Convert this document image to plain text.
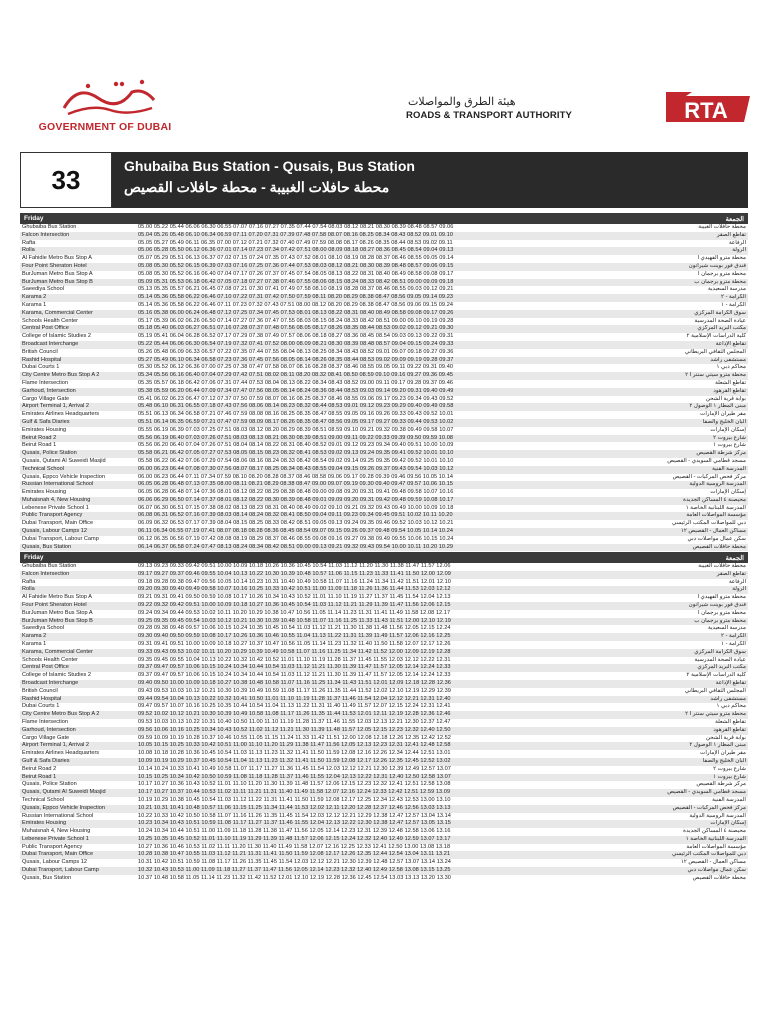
GOVERNMENT OF DUBAI
هيئة الطرق والمواصلات
ROADS & TRANSPORT AUTHORITY	RTA
33	Ghubaiba Bus Station - Qusais, Bus Station
محطة حافلات الغبيبة - محطة حافلات القصيص
Friday	الجمعة
Ghubaiba Bus Station	05.00 05.22 05.44 06.06 06.30 06.55 07.07 07.16 07.27 07.35 07.44 07.54 08.03 08.12 08.21 08.30 08.39 08.48 08.57 09.06	محطة حافلات الغبيبة
Falcon Intersection	05.04 05.26 05.48 06.10 06.34 06.59 07.11 07.20 07.31 07.39 07.48 07.58 08.07 08.16 08.25 08.34 08.43 08.52 09.01 09.10	تقاطع الصقر
Rafta	05.05 05.27 05.49 06.11 06.35 07.00 07.12 07.21 07.32 07.40 07.49 07.59 08.08 08.17 08.26 08.35 08.44 08.53 09.02 09.11	الرفاعة
Rolla	05.06 05.28 05.50 06.12 06.36 07.01 07.14 07.23 07.34 07.42 07.51 08.00 08.09 08.18 08.27 08.36 08.45 08.54 09.04 09.13	الرولة
Al Fahidie Metro Bus Stop A	05.07 05.29 05.51 06.13 06.37 07.02 07.15 07.24 07.35 07.43 07.52 08.01 08.10 08.19 08.28 08.37 08.46 08.55 09.05 09.14	محطة مترو الفهيدي أ
Four Point Sheraton Hotel	05.08 05.30 05.52 06.15 06.39 07.03 07.16 07.25 07.36 07.44 07.53 08.03 08.12 08.21 08.30 08.39 08.48 08.57 09.06 09.15	فندق فور بوينت شيراتون
BurJuman Metro Bus Stop A	05.08 05.30 05.52 06.16 06.40 07.04 07.17 07.26 07.37 07.45 07.54 08.05 08.13 08.22 08.31 08.40 08.49 08.58 09.08 09.17	محطة مترو برجمان أ
BurJuman Metro Bus Stop B	05.09 05.31 05.53 06.18 06.42 07.05 07.18 07.27 07.38 07.46 07.55 08.06 08.15 08.24 08.33 08.42 08.51 09.00 09.09 09.18	محطة مترو برجمان ب
Saeediya School	05.13 05.35 05.57 06.21 06.45 07.08 07.21 07.30 07.41 07.49 07.58 08.10 08.19 08.28 08.37 08.46 08.55 09.03 09.12 09.21	مدرسة السعيدية
Karama 2	05.14 05.36 05.58 06.22 06.46 07.10 07.22 07.31 07.42 07.50 07.59 08.11 08.20 08.29 08.38 08.47 08.56 09.05 09.14 09.23	الكرامة - ٢
Karama 1	05.14 05.36 05.58 06.22 06.46 07.11 07.23 07.32 07.43 07.51 08.00 08.12 08.20 08.29 08.38 08.47 08.56 09.06 09.15 09.24	الكرامة - ١
Karama, Commercial Center	05.16 05.38 06.00 06.24 06.48 07.12 07.25 07.34 07.45 07.53 08.01 08.13 08.22 08.31 08.40 08.49 08.58 09.08 09.17 09.26	سوق الكرامة المركزي
Schools Health Center	05.17 05.39 06.02 06.26 06.50 07.14 07.27 07.36 07.47 07.55 08.03 08.15 08.24 08.33 08.42 08.51 09.00 09.10 09.19 09.28	عيادة الصحة المدرسية
Central Post Office	05.18 05.40 06.03 06.27 06.51 07.16 07.28 07.37 07.48 07.56 08.05 08.17 08.26 08.35 08.44 08.53 09.02 09.12 09.21 09.30	مكتب البريد المركزي
College of Islamic Studies 2	05.19 05.41 06.04 06.28 06.52 07.17 07.29 07.38 07.49 07.57 08.06 08.18 08.27 08.36 08.45 08.54 09.03 09.13 09.22 09.31	كلية الدراسات الإسلامية ٢
Broadcast Interchange	05.22 05.44 06.06 06.30 06.54 07.19 07.32 07.41 07.52 08.00 08.09 08.21 08.30 08.39 08.48 08.57 09.04 09.15 09.24 09.33	تقاطع الإذاعة
British Council	05.26 05.48 06.09 06.33 06.57 07.22 07.35 07.44 07.55 08.04 08.13 08.25 08.34 08.43 08.52 09.01 09.07 09.18 09.27 09.36	المجلس الثقافي البريطاني
Rashid Hospital	05.27 05.49 06.10 06.34 06.58 07.23 07.36 07.45 07.56 08.05 08.14 08.26 08.35 08.44 08.53 09.02 09.09 09.19 09.28 09.37	مستشفى راشد
Dubai Courts 1	05.30 05.52 06.12 06.36 07.00 07.25 07.38 07.47 07.58 08.07 08.16 08.28 08.37 08.46 08.55 09.05 09.11 09.22 09.31 09.40	محاكم دبي ١
City Centre Metro Bus Stop A 2	05.34 05.56 06.16 06.40 07.04 07.29 07.42 07.51 08.02 08.11 08.20 08.32 08.41 08.50 08.59 09.10 09.16 09.27 09.36 09.45	محطة مترو سيتي سنتر أ ٢
Flame Intersection	05.35 05.57 06.18 06.42 07.06 07.31 07.44 07.53 08.04 08.13 08.22 08.34 08.43 08.52 09.00 09.11 09.17 09.28 09.37 09.46	تقاطع الشعلة
Garhoud, Intersection	05.38 05.59 06.20 06.44 07.09 07.34 07.47 07.56 08.05 08.14 08.24 08.36 08.44 08.53 09.03 09.14 09.20 09.31 09.40 09.49	تقاطع القرهود
Cargo Village Gate	05.41 06.02 06.23 06.47 07.12 07.37 07.50 07.59 08.07 08.16 08.25 08.37 08.46 08.55 09.06 09.17 09.23 09.34 09.43 09.52	بوابة قرية الشحن
Airport Terminal 1, Arrival 2	05.48 06.10 06.31 06.55 07.18 07.43 07.56 08.06 08.14 08.23 08.32 08.44 08.53 09.01 09.12 09.23 09.29 09.40 09.49 09.58	مبنى المطار ١ الوصول ٢
Emirates Airlines Headquarters	05.51 06.13 06.34 06.58 07.21 07.46 07.59 08.08 08.16 08.25 08.35 08.47 08.55 09.05 09.16 09.26 09.33 09.43 09.52 10.01	مقر طيران الإمارات
Gulf & Safa Diaries	05.51 06.14 06.35 06.59 07.21 07.47 07.59 08.09 08.17 08.26 08.35 08.47 08.56 09.05 09.17 09.27 09.33 09.44 09.53 10.02	ألبان الخليج والصفا
Emirates Housing	05.55 06.19 06.39 07.03 07.25 07.51 08.03 08.12 08.20 08.29 08.39 08.51 08.59 09.10 09.21 09.32 09.38 09.49 09.58 10.07	إسكان الإمارات
Beirut Road 2	05.56 06.19 06.40 07.03 07.26 07.51 08.03 08.13 08.21 08.30 08.39 08.51 09.00 09.11 09.22 09.33 09.39 09.50 09.59 10.08	شارع بيروت ٢
Beirut Road 1	05.56 06.20 06.40 07.04 07.26 07.51 08.04 08.14 08.22 08.31 08.40 08.52 09.01 09.12 09.23 09.34 09.40 09.51 10.00 10.09	شارع بيروت ١
Qusais, Police Station	05.58 06.21 06.42 07.05 07.27 07.53 08.05 08.15 08.23 08.32 08.41 08.53 09.02 09.13 09.24 09.35 09.41 09.52 10.01 10.10	مركز شرطة القصيص
Qusais, Qutami Al Suweidi Masjid	05.58 06.22 06.42 07.06 07.29 07.54 08.06 08.16 08.24 08.33 08.42 08.54 09.02 09.14 09.25 09.35 09.42 09.52 10.01 10.10	مسجد قطامي السويدي - القصيص
Technical School	06.00 06.23 06.44 07.08 07.30 07.56 08.07 08.17 08.25 08.34 08.43 08.55 09.04 09.15 09.26 09.37 09.43 09.54 10.03 10.12	المدرسة الفنية
Qusais, Eppco Vehicle Inspection	06.00 06.23 06.44 07.11 07.34 07.59 08.10 08.20 08.28 08.37 08.46 08.58 09.06 09.17 09.28 09.39 09.46 09.56 10.05 10.14	مركز فحص المركبات - القصيص
Russian International School	06.05 06.28 06.48 07.13 07.35 08.00 08.11 08.21 08.29 08.38 08.47 09.00 09.07 09.19 09.30 09.40 09.47 09.57 10.06 10.15	المدرسة الروسية الدولية
Emirates Housing	06.05 06.28 06.48 07.14 07.36 08.01 08.12 08.22 08.29 08.38 08.48 09.00 09.08 09.20 09.31 09.41 09.48 09.58 10.07 10.16	إسكان الإمارات
Muhaisnah 4, New Housing	06.06 06.29 06.50 07.14 07.37 08.01 08.12 08.22 08.30 08.39 08.48 09.01 09.09 09.20 09.31 09.42 09.48 09.59 10.08 10.17	محيصنة ٤ المساكن الجديدة
Lebenese Private School 1	06.07 06.30 06.51 07.15 07.38 08.02 08.13 08.23 08.31 08.40 08.49 09.02 09.10 09.21 09.32 09.43 09.49 10.00 10.09 10.18	المدرسة اللبنانية الخاصة ١
Public Transport Agency	06.08 06.31 06.52 07.16 07.39 08.03 08.14 08.24 08.32 08.41 08.50 09.04 09.11 09.23 09.34 09.45 09.51 10.02 10.11 10.20	مؤسسة المواصلات العامة
Dubai Transport, Main Office	06.09 06.32 06.53 07.17 07.39 08.04 08.15 08.25 08.33 08.42 08.51 09.05 09.13 09.24 09.35 09.46 09.52 10.03 10.12 10.21	دبي للمواصلات المكتب الرئيسي
Qusais, Labour Camps 12	06.11 06.34 06.55 07.19 07.41 08.07 08.18 08.28 08.36 08.45 08.54 09.07 09.15 09.26 09.37 09.48 09.54 10.05 10.14 10.24	مساكن العمال - القصيص ١٢
Dubai Transport, Labour Camp	06.12 06.35 06.56 07.19 07.42 08.08 08.19 08.29 08.37 08.46 08.55 09.08 09.16 09.27 09.38 09.49 09.55 10.06 10.15 10.24	سكن عمال مواصلات دبي
Qusais, Bus Station	06.14 06.37 06.58 07.24 07.47 08.13 08.24 08.34 08.42 08.51 09.00 09.13 09.21 09.32 09.43 09.54 10.00 10.11 10.20 10.29	محطة حافلات القصيص
Friday	الجمعة
Ghubaiba Bus Station	09.13 09.23 09.33 09.42 09.51 10.00 10.09 10.18 10.26 10.36 10.45 10.54 11.03 11.12 11.20 11.30 11.38 11.47 11.57 12.06	محطة حافلات الغبيبة
Falcon Intersection	09.17 09.27 09.37 09.46 09.55 10.04 10.13 10.22 10.30 10.39 10.48 10.57 11.06 11.15 11.23 11.33 11.41 11.50 12.00 12.09	تقاطع الصقر
Rafta	09.18 09.28 09.38 09.47 09.56 10.05 10.14 10.23 10.31 10.40 10.49 10.58 11.07 11.16 11.24 11.34 11.42 11.51 12.01 12.10	الرفاعة
Rolla	09.20 09.30 09.40 09.49 09.58 10.07 10.16 10.25 10.33 10.42 10.51 11.00 11.09 11.18 11.26 11.36 11.44 11.53 12.03 12.12	الرولة
Al Fahidie Metro Bus Stop A	09.21 09.31 09.41 09.50 09.59 10.08 10.17 10.26 10.34 10.43 10.52 11.01 11.10 11.19 11.27 11.37 11.45 11.54 12.04 12.13	محطة مترو الفهيدي أ
Four Point Sheraton Hotel	09.22 09.32 09.42 09.51 10.00 10.09 10.18 10.27 10.36 10.45 10.54 11.03 11.12 11.21 11.29 11.39 11.47 11.56 12.06 12.15	فندق فور بوينت شيراتون
BurJuman Metro Bus Stop A	09.24 09.34 09.44 09.53 10.02 10.11 10.20 10.29 10.38 10.47 10.56 11.05 11.14 11.23 11.31 11.41 11.49 11.58 12.08 12.17	محطة مترو برجمان أ
BurJuman Metro Bus Stop B	09.25 09.35 09.45 09.54 10.03 10.12 10.21 10.30 10.39 10.48 10.58 11.07 11.16 11.25 11.33 11.43 11.51 12.00 12.10 12.19	محطة مترو برجمان ب
Saeediya School	09.28 09.38 09.48 09.57 10.06 10.15 10.24 10.35 10.45 10.54 11.03 11.12 11.21 11.30 11.38 11.48 11.56 12.05 12.15 12.24	مدرسة السعيدية
Karama 2	09.30 09.40 09.50 09.59 10.08 10.17 10.26 10.36 10.46 10.55 11.04 11.13 11.22 11.31 11.39 11.49 11.57 12.06 12.16 12.25	الكرامة - ٢
Karama 1	09.31 09.41 09.51 10.00 10.09 10.18 10.27 10.37 10.47 10.56 11.05 11.14 11.23 11.32 11.40 11.50 11.58 12.07 12.17 12.26	الكرامة - ١
Karama, Commercial Center	09.33 09.43 09.53 10.02 10.11 10.20 10.29 10.39 10.49 10.58 11.07 11.16 11.25 11.34 11.42 11.52 12.00 12.09 12.19 12.28	سوق الكرامة المركزي
Schools Health Center	09.35 09.45 09.55 10.04 10.13 10.22 10.32 10.42 10.52 11.01 11.10 11.19 11.28 11.37 11.45 11.55 12.03 12.12 12.22 12.31	عيادة الصحة المدرسية
Central Post Office	09.37 09.47 09.57 10.06 10.15 10.24 10.34 10.44 10.54 11.03 11.12 11.21 11.30 11.39 11.47 11.57 12.05 12.14 12.24 12.33	مكتب البريد المركزي
College of Islamic Studies 2	09.37 09.47 09.57 10.06 10.15 10.24 10.34 10.44 10.54 11.03 11.12 11.21 11.30 11.39 11.47 11.57 12.05 12.14 12.24 12.33	كلية الدراسات الإسلامية ٢
Broadcast Interchange	09.40 09.50 10.00 10.09 10.18 10.27 10.38 10.48 10.58 11.07 11.16 11.25 11.34 11.43 11.51 12.01 12.09 12.18 12.28 12.36	تقاطع الإذاعة
British Council	09.43 09.53 10.03 10.12 10.21 10.30 10.39 10.49 10.59 11.08 11.17 11.26 11.35 11.44 11.52 12.02 12.10 12.19 12.29 12.39	المجلس الثقافي البريطاني
Rashid Hospital	09.44 09.54 10.04 10.13 10.22 10.32 10.41 10.50 11.01 11.10 11.19 11.28 11.37 11.46 11.54 12.04 12.12 12.21 12.31 12.40	مستشفى راشد
Dubai Courts 1	09.47 09.57 10.07 10.16 10.25 10.35 10.44 10.54 11.04 11.13 11.22 11.31 11.40 11.49 11.57 12.07 12.15 12.24 12.31 12.41	محاكم دبي ١
City Centre Metro Bus Stop A 2	09.52 10.02 10.12 10.21 10.30 10.39 10.49 10.58 11.08 11.17 11.26 11.35 11.44 11.53 12.01 12.11 12.19 12.28 12.36 12.46	محطة مترو سيتي سنتر أ ٢
Flame Intersection	09.53 10.03 10.13 10.22 10.31 10.40 10.50 11.00 11.10 11.19 11.28 11.37 11.46 11.55 12.03 12.13 12.21 12.30 12.37 12.47	تقاطع الشعلة
Garhoud, Intersection	09.56 10.06 10.16 10.25 10.34 10.43 10.52 11.02 11.12 11.21 11.30 11.39 11.48 11.57 12.05 12.15 12.23 12.32 12.40 12.50	تقاطع القرهود
Cargo Village Gate	09.59 10.09 10.19 10.28 10.37 10.46 10.55 11.05 11.15 11.24 11.33 11.42 11.51 12.00 12.08 12.18 12.26 12.35 12.42 12.52	بوابة قرية الشحن
Airport Terminal 1, Arrival 2	10.05 10.15 10.25 10.33 10.42 10.51 11.00 11.10 11.20 11.29 11.38 11.47 11.56 12.05 12.13 12.23 12.31 12.41 12.48 12.58	مبنى المطار ١ الوصول ٢
Emirates Airlines Headquarters	10.08 10.18 10.28 10.36 10.45 10.54 11.03 11.13 11.23 11.32 11.41 11.50 11.59 12.08 12.16 12.26 12.34 12.44 12.51 13.01	مقر طيران الإمارات
Gulf & Safa Diaries	10.09 10.19 10.29 10.37 10.45 10.54 11.04 11.13 11.23 11.32 11.41 11.50 11.59 12.08 12.17 12.26 12.35 12.45 12.52 13.02	ألبان الخليج والصفا
Beirut Road 2	10.14 10.24 10.33 10.41 10.49 10.58 11.07 11.17 11.27 11.36 11.45 11.54 12.03 12.12 12.21 12.30 12.39 12.49 12.57 13.07	شارع بيروت ٢
Beirut Road 1	10.15 10.25 10.34 10.42 10.50 10.59 11.08 11.18 11.28 11.37 11.46 11.55 12.04 12.13 12.22 12.31 12.40 12.50 12.58 13.07	شارع بيروت ١
Qusais, Police Station	10.17 10.27 10.36 10.43 10.52 11.01 11.10 11.20 11.30 11.39 11.48 11.57 12.06 12.15 12.23 12.32 12.41 12.51 12.58 13.08	مركز شرطة القصيص
Qusais, Qutami Al Suweidi Masjid	10.17 10.27 10.37 10.44 10.53 11.02 11.11 11.21 11.31 11.40 11.49 11.58 12.07 12.16 12.24 12.33 12.42 12.51 12.59 13.09	مسجد قطامي السويدي - القصيص
Technical School	10.19 10.29 10.38 10.45 10.54 11.03 11.12 11.22 11.31 11.41 11.50 11.59 12.08 12.17 12.25 12.34 12.43 12.53 13.00 13.10	المدرسة الفنية
Qusais, Eppco Vehicle Inspection	10.21 10.31 10.41 10.48 10.57 11.06 11.15 11.25 11.34 11.44 11.53 12.02 12.11 12.20 12.28 12.37 12.46 12.56 13.03 13.13	مركز فحص المركبات - القصيص
Russian International School	10.22 10.33 10.42 10.50 10.58 11.07 11.16 11.26 11.35 11.45 11.54 12.03 12.12 12.21 12.29 12.38 12.47 12.57 13.04 13.14	المدرسة الروسية الدولية
Emirates Housing	10.23 10.34 10.43 10.51 10.59 11.08 11.17 11.27 11.37 11.46 11.55 12.04 12.13 12.22 12.30 12.38 12.47 12.57 13.05 13.15	إسكان الإمارات
Muhaisnah 4, New Housing	10.24 10.34 10.44 10.51 11.00 11.09 11.18 11.28 11.38 11.47 11.56 12.05 12.14 12.23 12.31 12.39 12.48 12.58 13.06 13.16	محيصنة ٤ المساكن الجديدة
Lebenese Private School 1	10.25 10.35 10.45 10.52 11.01 11.10 11.19 11.29 11.39 11.48 11.57 12.06 12.15 12.24 12.32 12.40 12.49 12.59 13.07 13.17	المدرسة اللبنانية الخاصة ١
Public Transport Agency	10.27 10.36 10.46 10.53 11.02 11.11 11.20 11.30 11.40 11.49 11.58 12.07 12.16 12.25 12.33 12.41 12.50 13.00 13.08 13.18	مؤسسة المواصلات العامة
Dubai Transport, Main Office	10.28 10.38 10.47 10.55 11.03 11.12 11.21 11.31 11.41 11.50 11.59 12.08 12.17 12.26 12.35 12.44 12.54 13.04 13.11 13.21	دبي للمواصلات المكتب الرئيسي
Qusais, Labour Camps 12	10.31 10.42 10.51 10.59 11.08 11.17 11.26 11.35 11.45 11.54 12.03 12.12 12.21 12.30 12.39 12.48 12.57 13.07 13.14 13.24	مساكن العمال - القصيص ١٢
Dubai Transport, Labour Camp	10.32 10.43 10.53 11.00 11.09 11.18 11.27 11.37 11.47 11.56 12.05 12.14 12.23 12.32 12.40 12.49 12.58 13.08 13.15 13.25	سكن عمال مواصلات دبي
Qusais, Bus Station	10.37 10.48 10.58 11.05 11.14 11.23 11.32 11.42 11.52 12.01 12.10 12.19 12.28 12.36 12.45 12.54 13.03 13.13 13.20 13.30	محطة حافلات القصيص
